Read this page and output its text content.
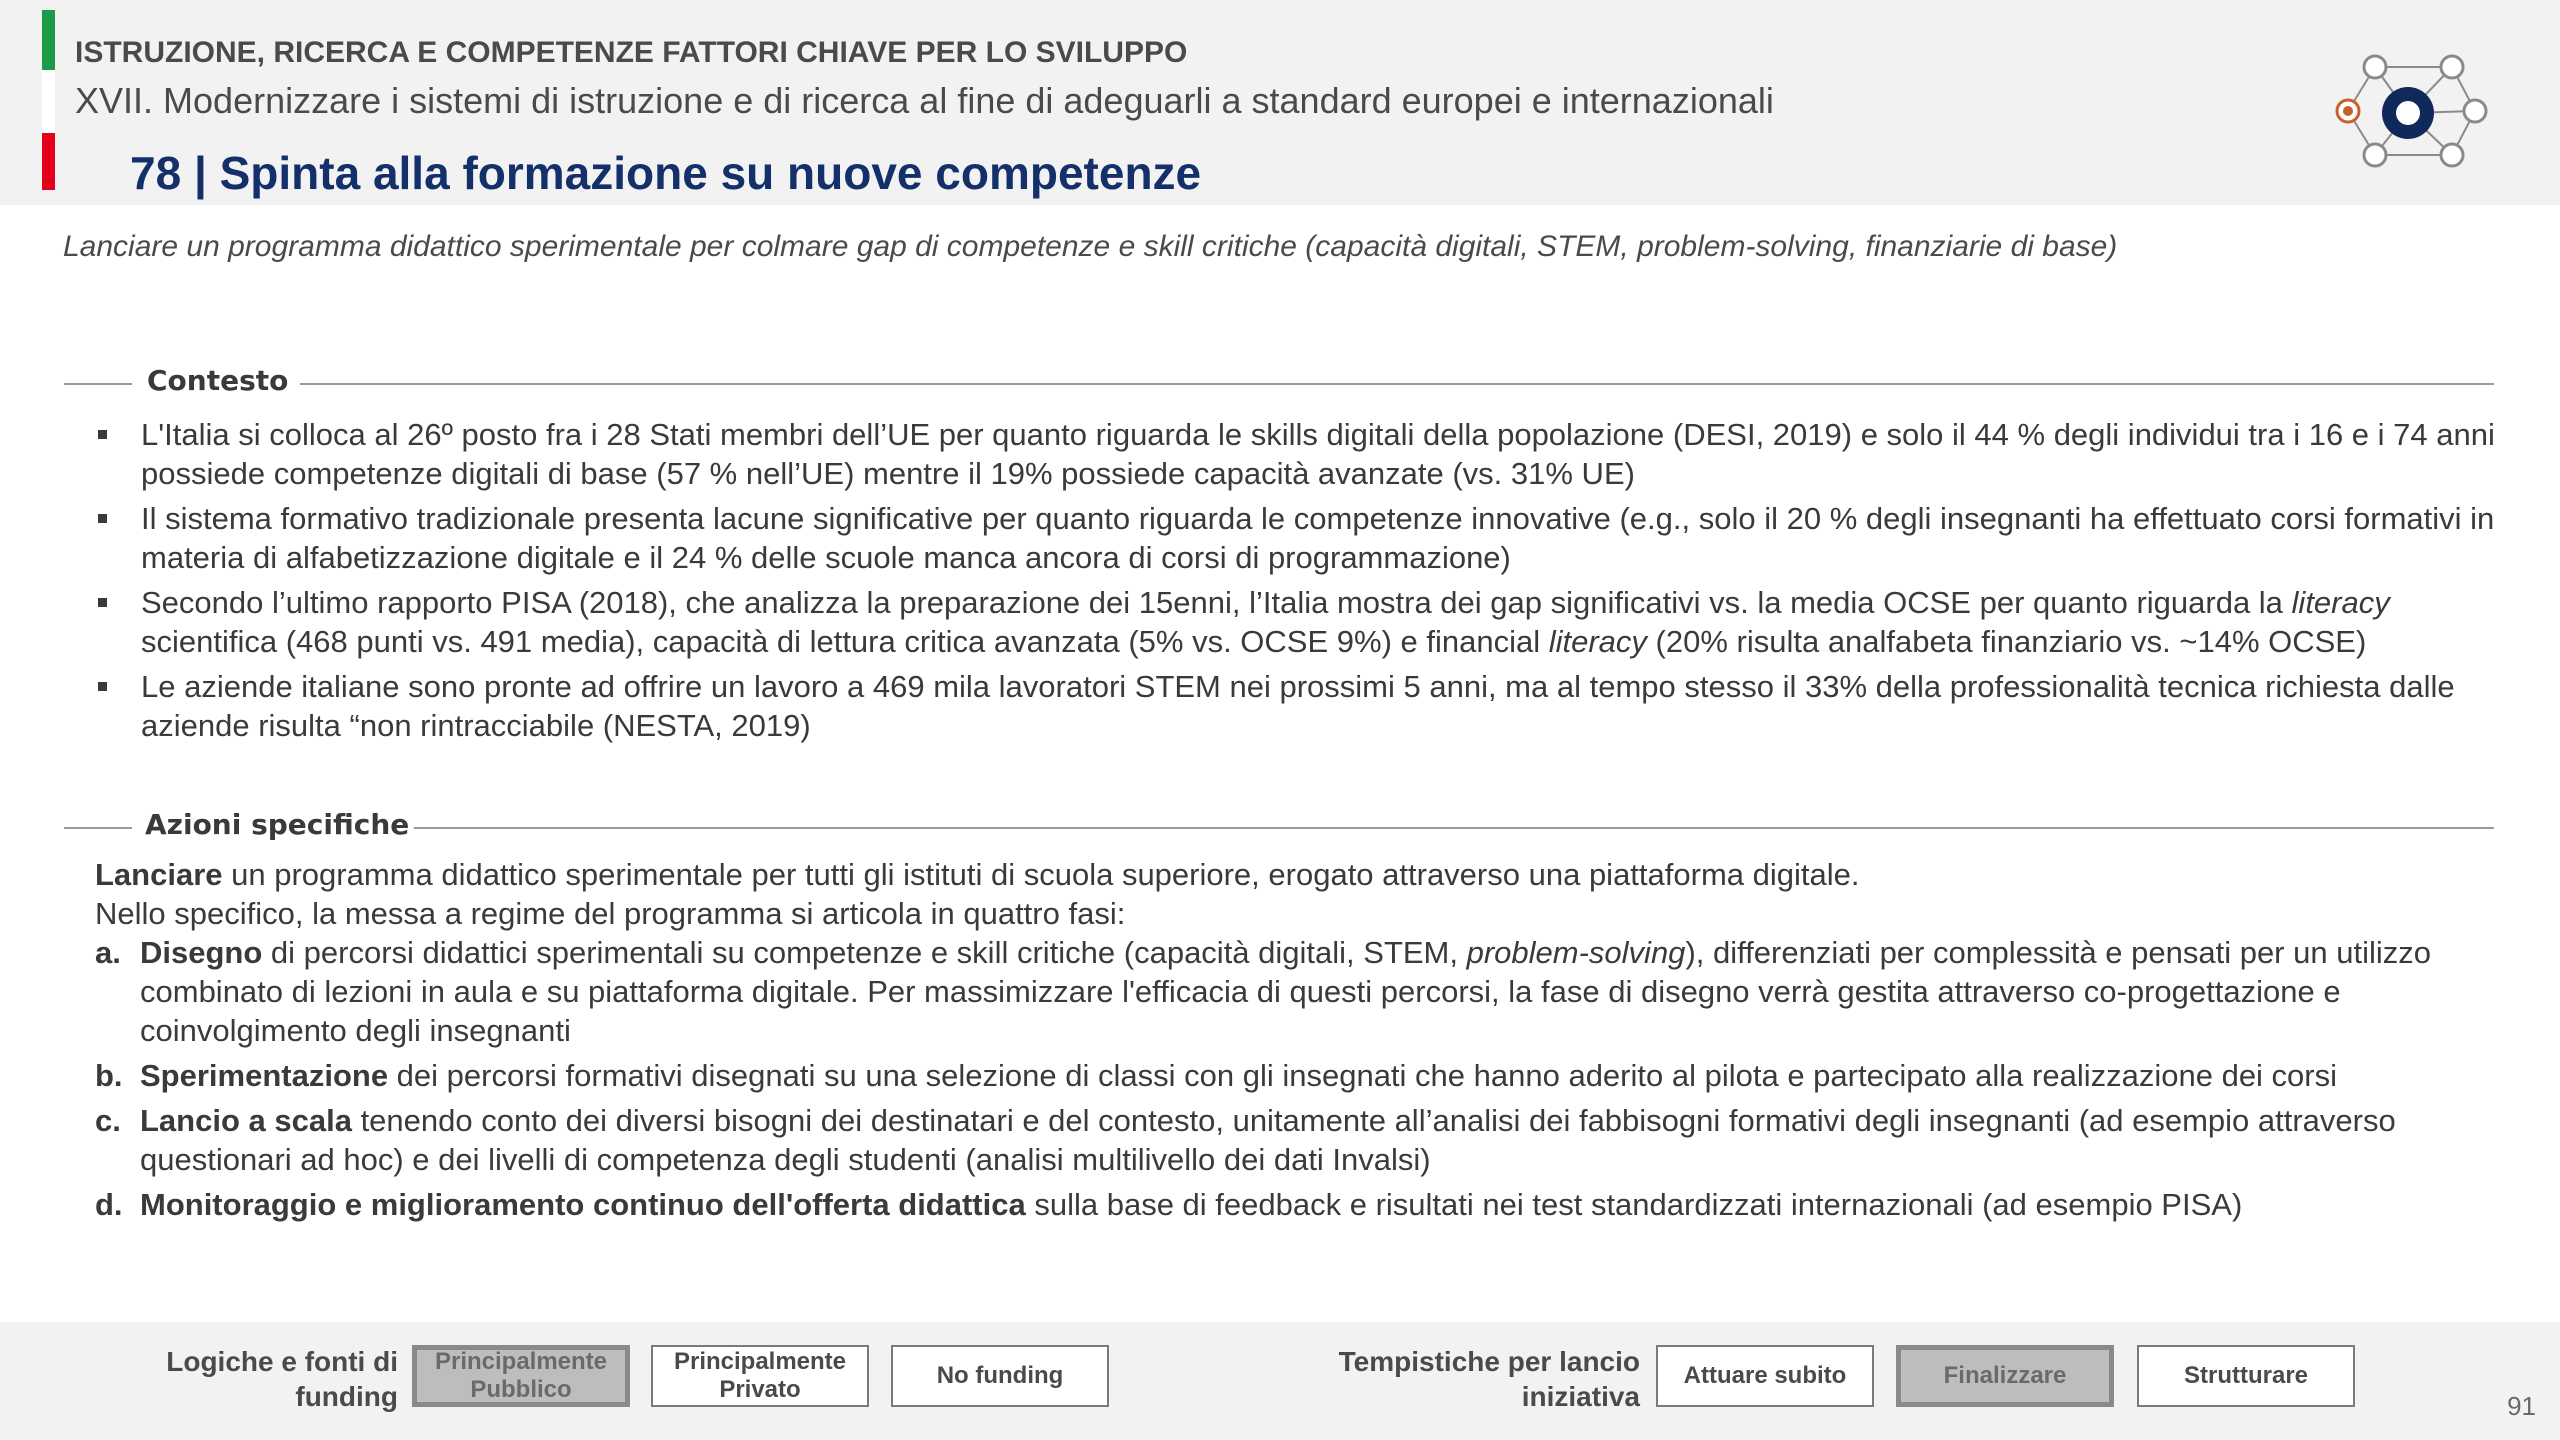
ISTRUZIONE, RICERCA E COMPETENZE FATTORI CHIAVE PER LO SVILUPPO
XVII. Modernizzare i sistemi di istruzione e di ricerca al fine di adeguarli a standard europei e internazionali
78 | Spinta alla formazione su nuove competenze
Lanciare un programma didattico sperimentale per colmare gap di competenze e skill critiche (capacità digitali, STEM, problem-solving, finanziarie di base)
Contesto
L'Italia si colloca al 26º posto fra i 28 Stati membri dell’UE per quanto riguarda le skills digitali della popolazione (DESI, 2019) e solo il 44 % degli individui tra i 16 e i 74 anni possiede competenze digitali di base (57 % nell’UE) mentre il 19% possiede capacità avanzate (vs. 31% UE)
Il sistema formativo tradizionale presenta lacune significative per quanto riguarda le competenze innovative (e.g., solo il 20 % degli insegnanti ha effettuato corsi formativi in materia di alfabetizzazione digitale e il 24 % delle scuole manca ancora di corsi di programmazione)
Secondo l’ultimo rapporto PISA (2018), che analizza la preparazione dei 15enni, l’Italia mostra dei gap significativi vs. la media OCSE per quanto riguarda la literacy scientifica (468 punti vs. 491 media), capacità di lettura critica avanzata (5% vs. OCSE 9%) e financial literacy (20% risulta analfabeta finanziario vs. ~14% OCSE)
Le aziende italiane sono pronte ad offrire un lavoro a 469 mila lavoratori STEM nei prossimi 5 anni, ma al tempo stesso il 33% della professionalità tecnica richiesta dalle aziende risulta “non rintracciabile (NESTA, 2019)
Azioni specifiche

Lanciare un programma didattico sperimentale per tutti gli istituti di scuola superiore, erogato attraverso una piattaforma digitale.

Nello specifico, la messa a regime del programma si articola in quattro fasi:

a. Disegno di percorsi didattici sperimentali su competenze e skill critiche (capacità digitali, STEM, problem-solving), differenziati per complessità e pensati per un utilizzo combinato di lezioni in aula e su piattaforma digitale. Per massimizzare l'efficacia di questi percorsi, la fase di disegno verrà gestita attraverso co-progettazione e coinvolgimento degli insegnanti
b. Sperimentazione dei percorsi formativi disegnati su una selezione di classi con gli insegnati che hanno aderito al pilota e partecipato alla realizzazione dei corsi
c. Lancio a scala tenendo conto dei diversi bisogni dei destinatari e del contesto, unitamente all’analisi dei fabbisogni formativi degli insegnanti (ad esempio attraverso questionari ad hoc) e dei livelli di competenza degli studenti (analisi multilivello dei dati Invalsi)
d. Monitoraggio e miglioramento continuo dell'offerta didattica sulla base di feedback e risultati nei test standardizzati internazionali (ad esempio PISA)
Logiche e fonti di funding
Principalmente Pubblico
Principalmente Privato
No funding	Tempistiche per lancio iniziativa
Attuare subito	Finalizzare	Strutturare
91
